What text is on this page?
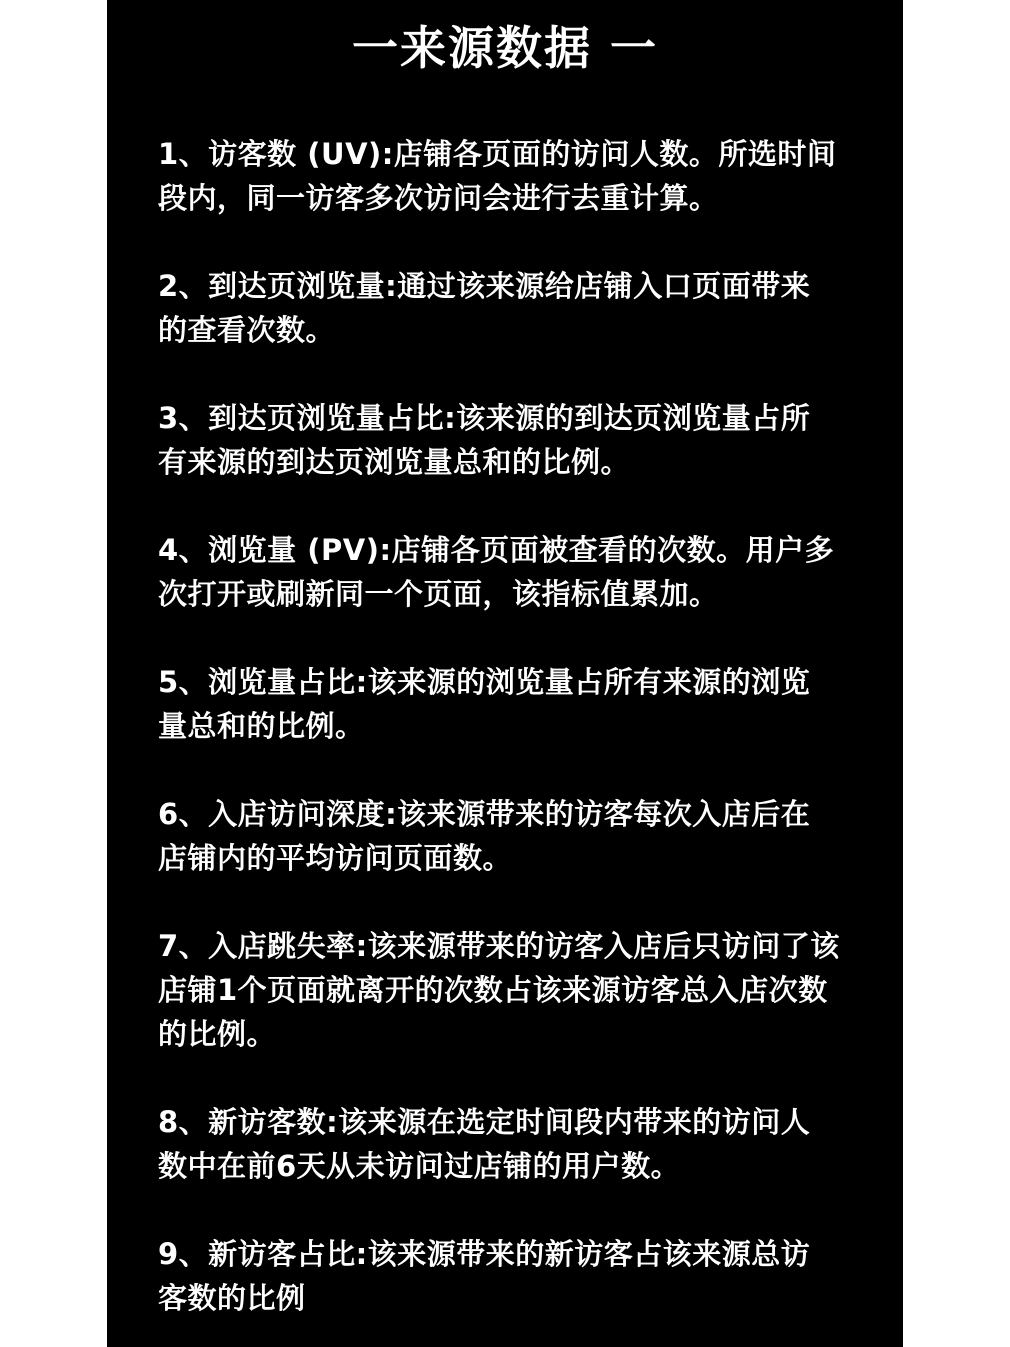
一来源数据 一
1、访客数 (UV):店铺各页面的访问人数。所选时间
段内，同一访客多次访问会进行去重计算。
2、到达页浏览量:通过该来源给店铺入口页面带来
的查看次数。
3、到达页浏览量占比:该来源的到达页浏览量占所
有来源的到达页浏览量总和的比例。
4、浏览量 (PV):店铺各页面被查看的次数。用户多
次打开或刷新同一个页面，该指标值累加。
5、浏览量占比:该来源的浏览量占所有来源的浏览
量总和的比例。
6、入店访问深度:该来源带来的访客每次入店后在
店铺内的平均访问页面数。
7、入店跳失率:该来源带来的访客入店后只访问了该
店铺1个页面就离开的次数占该来源访客总入店次数
的比例。
8、新访客数:该来源在选定时间段内带来的访问人
数中在前6天从未访问过店铺的用户数。
9、新访客占比:该来源带来的新访客占该来源总访
客数的比例
